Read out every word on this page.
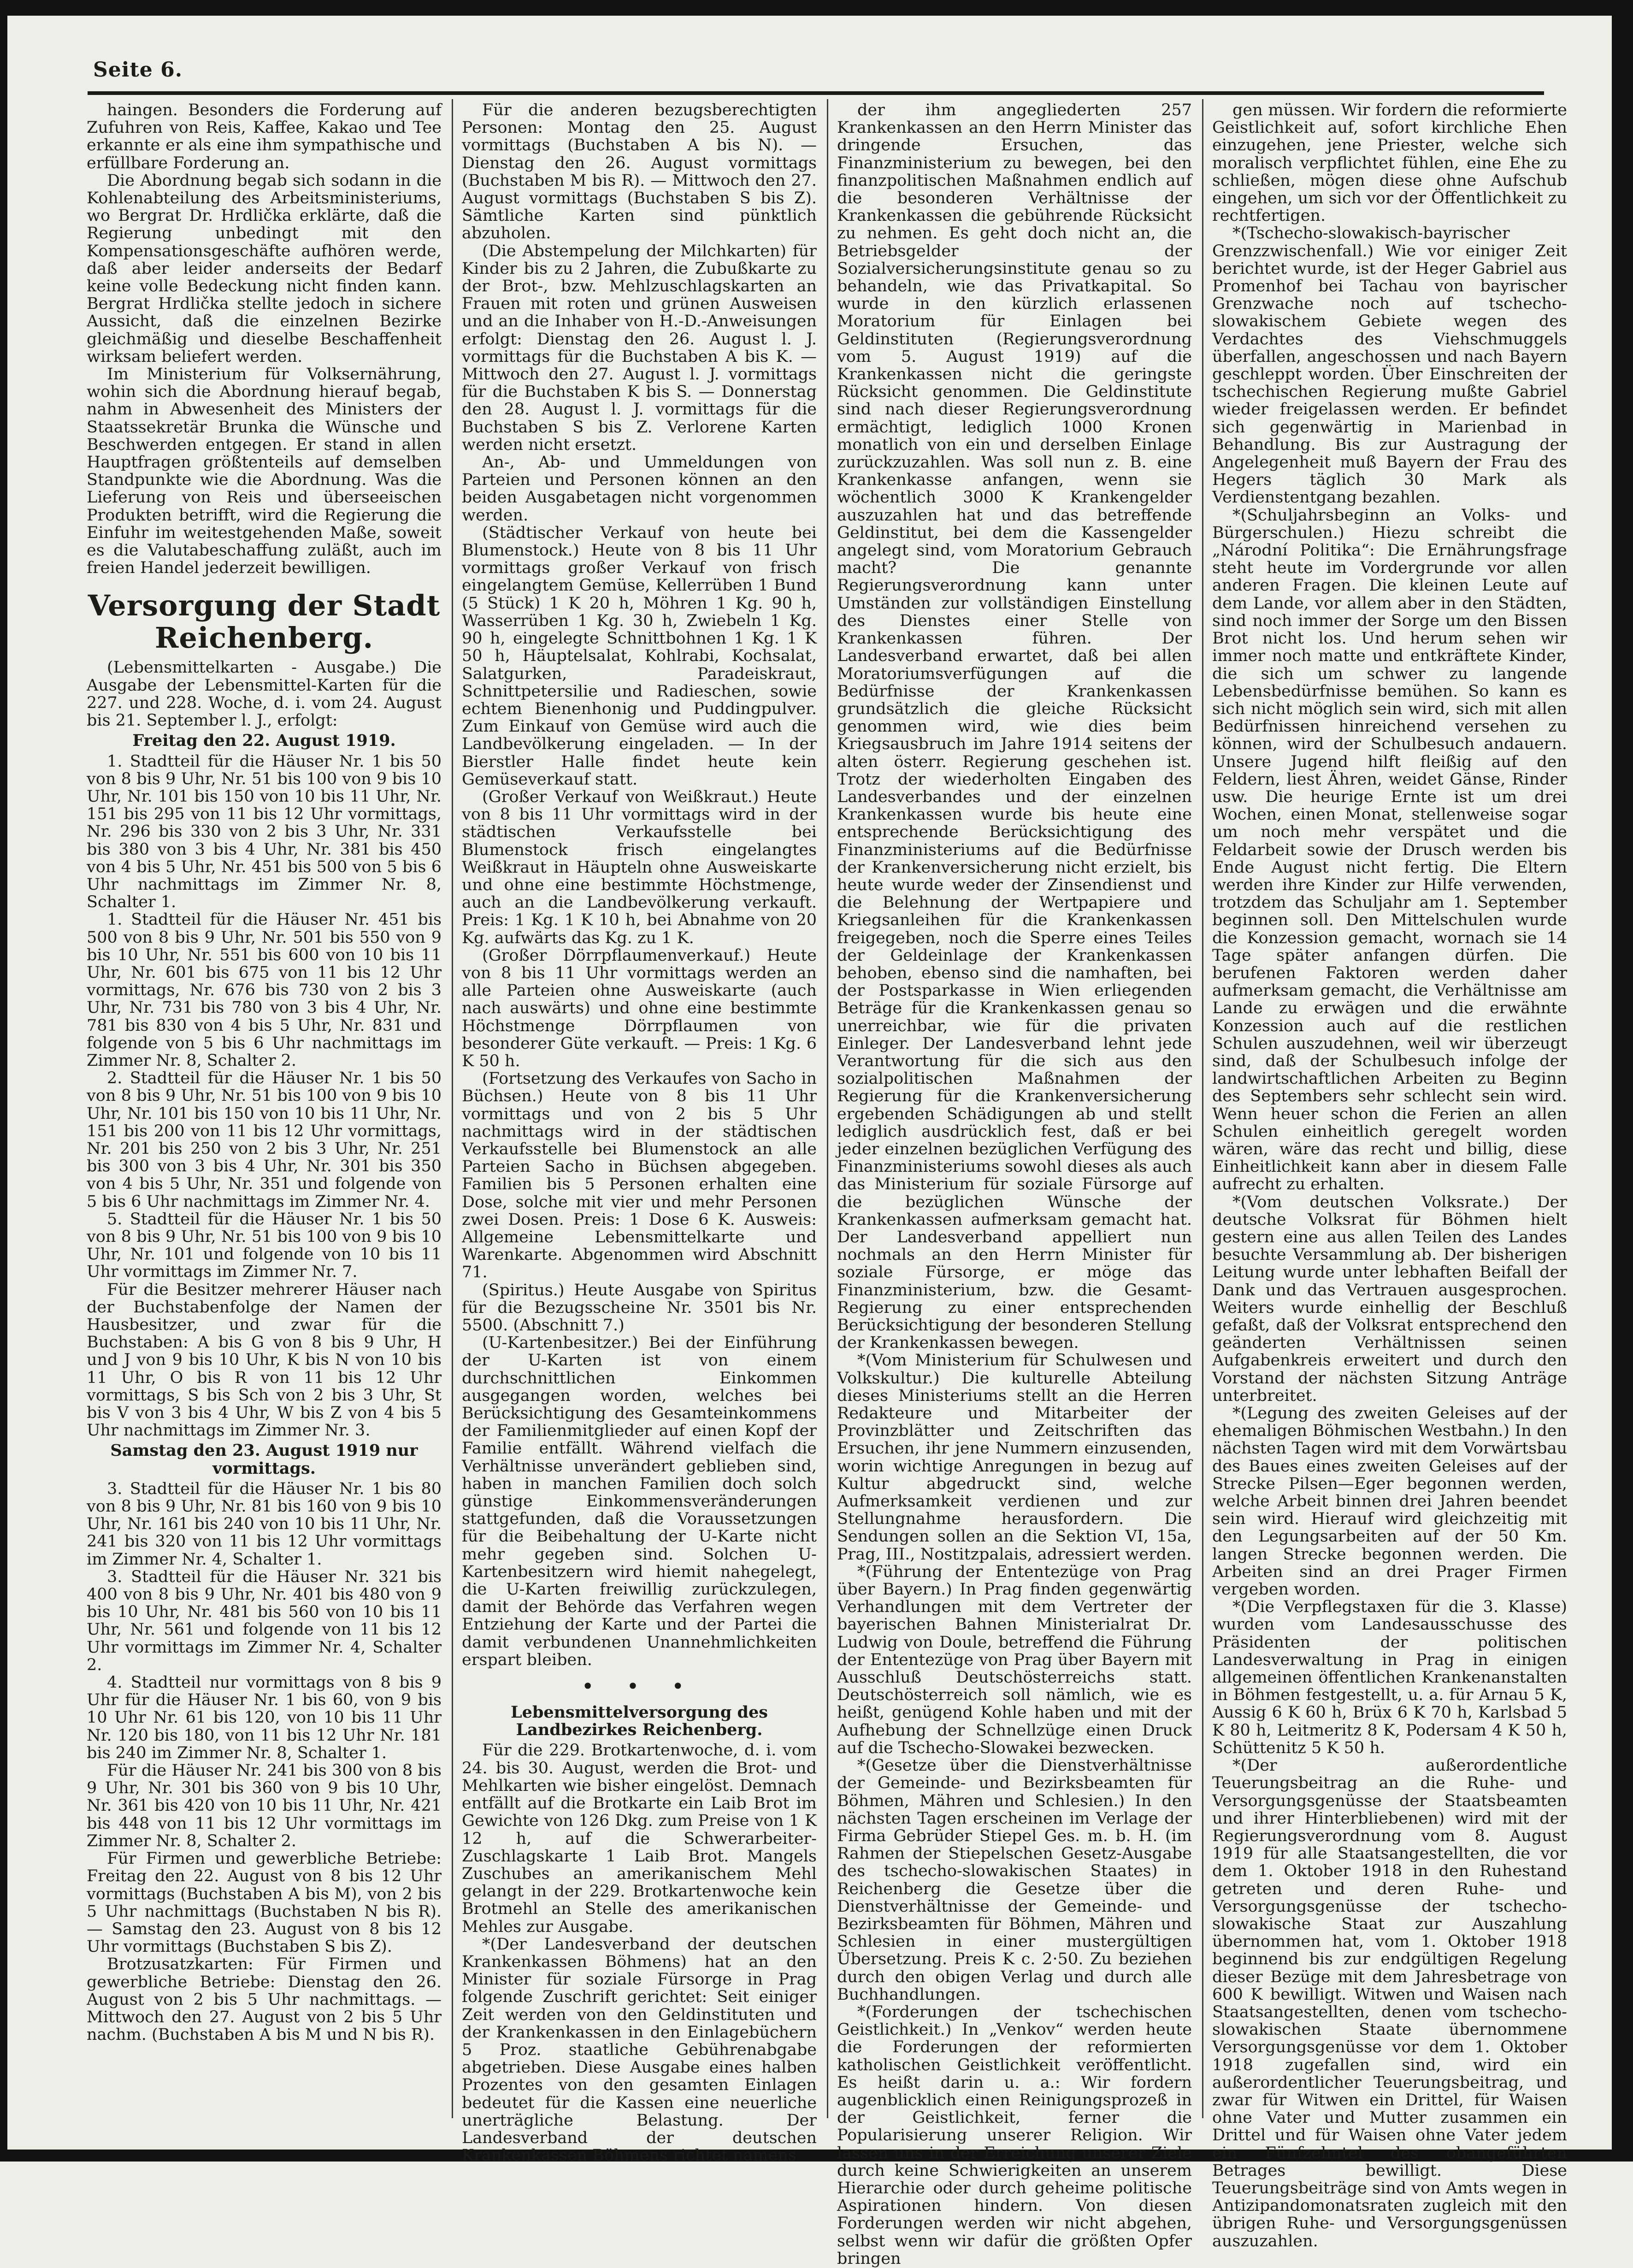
Seite 6.

haingen. Besonders die Forderung auf Zufuhren von Reis, Kaffee, Kakao und Tee erkannte er als eine ihm sympathische und erfüllbare Forderung an.

Die Abordnung begab sich sodann in die Kohlenabteilung des Arbeitsministeriums, wo Bergrat Dr. Hrdlička erklärte, daß die Regierung unbedingt mit den Kompensationsgeschäfte aufhören werde, daß aber leider anderseits der Bedarf keine volle Bedeckung nicht finden kann. Bergrat Hrdlička stellte jedoch in sichere Aussicht, daß die einzelnen Bezirke gleichmäßig und dieselbe Beschaffenheit wirksam beliefert werden.

Im Ministerium für Volksernährung, wohin sich die Abordnung hierauf begab, nahm in Abwesenheit des Ministers der Staatssekretär Brunka die Wünsche und Beschwerden entgegen. Er stand in allen Hauptfragen größtenteils auf demselben Standpunkte wie die Abordnung. Was die Lieferung von Reis und überseeischen Produkten betrifft, wird die Regierung die Einfuhr im weitestgehenden Maße, soweit es die Valutabeschaffung zuläßt, auch im freien Handel jederzeit bewilligen.

Versorgung der Stadt Reichenberg.

(Lebensmittelkarten - Ausgabe.) Die Ausgabe der Lebensmittel-Karten für die 227. und 228. Woche, d. i. vom 24. August bis 21. September l. J., erfolgt:

Freitag den 22. August 1919.

1. Stadtteil für die Häuser Nr. 1 bis 50 von 8 bis 9 Uhr, Nr. 51 bis 100 von 9 bis 10 Uhr, Nr. 101 bis 150 von 10 bis 11 Uhr, Nr. 151 bis 295 von 11 bis 12 Uhr vormittags, Nr. 296 bis 330 von 2 bis 3 Uhr, Nr. 331 bis 380 von 3 bis 4 Uhr, Nr. 381 bis 450 von 4 bis 5 Uhr, Nr. 451 bis 500 von 5 bis 6 Uhr nachmittags im Zimmer Nr. 8, Schalter 1.

1. Stadtteil für die Häuser Nr. 451 bis 500 von 8 bis 9 Uhr, Nr. 501 bis 550 von 9 bis 10 Uhr, Nr. 551 bis 600 von 10 bis 11 Uhr, Nr. 601 bis 675 von 11 bis 12 Uhr vormittags, Nr. 676 bis 730 von 2 bis 3 Uhr, Nr. 731 bis 780 von 3 bis 4 Uhr, Nr. 781 bis 830 von 4 bis 5 Uhr, Nr. 831 und folgende von 5 bis 6 Uhr nachmittags im Zimmer Nr. 8, Schalter 2.

2. Stadtteil für die Häuser Nr. 1 bis 50 von 8 bis 9 Uhr, Nr. 51 bis 100 von 9 bis 10 Uhr, Nr. 101 bis 150 von 10 bis 11 Uhr, Nr. 151 bis 200 von 11 bis 12 Uhr vormittags, Nr. 201 bis 250 von 2 bis 3 Uhr, Nr. 251 bis 300 von 3 bis 4 Uhr, Nr. 301 bis 350 von 4 bis 5 Uhr, Nr. 351 und folgende von 5 bis 6 Uhr nachmittags im Zimmer Nr. 4.

5. Stadtteil für die Häuser Nr. 1 bis 50 von 8 bis 9 Uhr, Nr. 51 bis 100 von 9 bis 10 Uhr, Nr. 101 und folgende von 10 bis 11 Uhr vormittags im Zimmer Nr. 7.

Für die Besitzer mehrerer Häuser nach der Buchstabenfolge der Namen der Hausbesitzer, und zwar für die Buchstaben: A bis G von 8 bis 9 Uhr, H und J von 9 bis 10 Uhr, K bis N von 10 bis 11 Uhr, O bis R von 11 bis 12 Uhr vormittags, S bis Sch von 2 bis 3 Uhr, St bis V von 3 bis 4 Uhr, W bis Z von 4 bis 5 Uhr nachmittags im Zimmer Nr. 3.

Samstag den 23. August 1919 nur vormittags.

3. Stadtteil für die Häuser Nr. 1 bis 80 von 8 bis 9 Uhr, Nr. 81 bis 160 von 9 bis 10 Uhr, Nr. 161 bis 240 von 10 bis 11 Uhr, Nr. 241 bis 320 von 11 bis 12 Uhr vormittags im Zimmer Nr. 4, Schalter 1.

3. Stadtteil für die Häuser Nr. 321 bis 400 von 8 bis 9 Uhr, Nr. 401 bis 480 von 9 bis 10 Uhr, Nr. 481 bis 560 von 10 bis 11 Uhr, Nr. 561 und folgende von 11 bis 12 Uhr vormittags im Zimmer Nr. 4, Schalter 2.

4. Stadtteil nur vormittags von 8 bis 9 Uhr für die Häuser Nr. 1 bis 60, von 9 bis 10 Uhr Nr. 61 bis 120, von 10 bis 11 Uhr Nr. 120 bis 180, von 11 bis 12 Uhr Nr. 181 bis 240 im Zimmer Nr. 8, Schalter 1.

Für die Häuser Nr. 241 bis 300 von 8 bis 9 Uhr, Nr. 301 bis 360 von 9 bis 10 Uhr, Nr. 361 bis 420 von 10 bis 11 Uhr, Nr. 421 bis 448 von 11 bis 12 Uhr vormittags im Zimmer Nr. 8, Schalter 2.

Für Firmen und gewerbliche Betriebe: Freitag den 22. August von 8 bis 12 Uhr vormittags (Buchstaben A bis M), von 2 bis 5 Uhr nachmittags (Buchstaben N bis R). — Samstag den 23. August von 8 bis 12 Uhr vormittags (Buchstaben S bis Z).

Brotzusatzkarten: Für Firmen und gewerbliche Betriebe: Dienstag den 26. August von 2 bis 5 Uhr nachmittags. — Mittwoch den 27. August von 2 bis 5 Uhr nachm. (Buchstaben A bis M und N bis R).

Für die anderen bezugsberechtigten Personen: Montag den 25. August vormittags (Buchstaben A bis N). — Dienstag den 26. August vormittags (Buchstaben M bis R). — Mittwoch den 27. August vormittags (Buchstaben S bis Z). Sämtliche Karten sind pünktlich abzuholen.

(Die Abstempelung der Milchkarten) für Kinder bis zu 2 Jahren, die Zubußkarte zu der Brot-, bzw. Mehlzuschlagskarten an Frauen mit roten und grünen Ausweisen und an die Inhaber von H.-D.-Anweisungen erfolgt: Dienstag den 26. August l. J. vormittags für die Buchstaben A bis K. — Mittwoch den 27. August l. J. vormittags für die Buchstaben K bis S. — Donnerstag den 28. August l. J. vormittags für die Buchstaben S bis Z. Verlorene Karten werden nicht ersetzt.

An-, Ab- und Ummeldungen von Parteien und Personen können an den beiden Ausgabetagen nicht vorgenommen werden.

(Städtischer Verkauf von heute bei Blumenstock.) Heute von 8 bis 11 Uhr vormittags großer Verkauf von frisch eingelangtem Gemüse, Kellerrüben 1 Bund (5 Stück) 1 K 20 h, Möhren 1 Kg. 90 h, Wasserrüben 1 Kg. 30 h, Zwiebeln 1 Kg. 90 h, eingelegte Schnittbohnen 1 Kg. 1 K 50 h, Häuptelsalat, Kohlrabi, Kochsalat, Salatgurken, Paradeiskraut, Schnittpetersilie und Radieschen, sowie echtem Bienenhonig und Puddingpulver. Zum Einkauf von Gemüse wird auch die Landbevölkerung eingeladen. — In der Bierstler Halle findet heute kein Gemüseverkauf statt.

(Großer Verkauf von Weißkraut.) Heute von 8 bis 11 Uhr vormittags wird in der städtischen Verkaufsstelle bei Blumenstock frisch eingelangtes Weißkraut in Häupteln ohne Ausweiskarte und ohne eine bestimmte Höchstmenge, auch an die Landbevölkerung verkauft. Preis: 1 Kg. 1 K 10 h, bei Abnahme von 20 Kg. aufwärts das Kg. zu 1 K.

(Großer Dörrpflaumenverkauf.) Heute von 8 bis 11 Uhr vormittags werden an alle Parteien ohne Ausweiskarte (auch nach auswärts) und ohne eine bestimmte Höchstmenge Dörrpflaumen von besonderer Güte verkauft. — Preis: 1 Kg. 6 K 50 h.

(Fortsetzung des Verkaufes von Sacho in Büchsen.) Heute von 8 bis 11 Uhr vormittags und von 2 bis 5 Uhr nachmittags wird in der städtischen Verkaufsstelle bei Blumenstock an alle Parteien Sacho in Büchsen abgegeben. Familien bis 5 Personen erhalten eine Dose, solche mit vier und mehr Personen zwei Dosen. Preis: 1 Dose 6 K. Ausweis: Allgemeine Lebensmittelkarte und Warenkarte. Abgenommen wird Abschnitt 71.

(Spiritus.) Heute Ausgabe von Spiritus für die Bezugsscheine Nr. 3501 bis Nr. 5500. (Abschnitt 7.)

(U-Kartenbesitzer.) Bei der Einführung der U-Karten ist von einem durchschnittlichen Einkommen ausgegangen worden, welches bei Berücksichtigung des Gesamteinkommens der Familienmitglieder auf einen Kopf der Familie entfällt. Während vielfach die Verhältnisse unverändert geblieben sind, haben in manchen Familien doch solch günstige Einkommensveränderungen stattgefunden, daß die Voraussetzungen für die Beibehaltung der U-Karte nicht mehr gegeben sind. Solchen U-Kartenbesitzern wird hiemit nahegelegt, die U-Karten freiwillig zurückzulegen, damit der Behörde das Verfahren wegen Entziehung der Karte und der Partei die damit verbundenen Unannehmlichkeiten erspart bleiben.

• • •
Lebensmittelversorgung des Landbezirkes Reichenberg.

Für die 229. Brotkartenwoche, d. i. vom 24. bis 30. August, werden die Brot- und Mehlkarten wie bisher eingelöst. Demnach entfällt auf die Brotkarte ein Laib Brot im Gewichte von 126 Dkg. zum Preise von 1 K 12 h, auf die Schwerarbeiter-Zuschlagskarte 1 Laib Brot. Mangels Zuschubes an amerikanischem Mehl gelangt in der 229. Brotkartenwoche kein Brotmehl an Stelle des amerikanischen Mehles zur Ausgabe.

*(Der Landesverband der deutschen Krankenkassen Böhmens) hat an den Minister für soziale Fürsorge in Prag folgende Zuschrift gerichtet: Seit einiger Zeit werden von den Geldinstituten und der Krankenkassen in den Einlagebüchern 5 Proz. staatliche Gebührenabgabe abgetrieben. Diese Ausgabe eines halben Prozentes von den gesamten Einlagen bedeutet für die Kassen eine neuerliche unerträgliche Belastung. Der Landesverband der deutschen Krankenkassen Böhmens richtet namens

der ihm angegliederten 257 Krankenkassen an den Herrn Minister das dringende Ersuchen, das Finanzministerium zu bewegen, bei den finanzpolitischen Maßnahmen endlich auf die besonderen Verhältnisse der Krankenkassen die gebührende Rücksicht zu nehmen. Es geht doch nicht an, die Betriebsgelder der Sozialversicherungsinstitute genau so zu behandeln, wie das Privatkapital. So wurde in den kürzlich erlassenen Moratorium für Einlagen bei Geldinstituten (Regierungsverordnung vom 5. August 1919) auf die Krankenkassen nicht die geringste Rücksicht genommen. Die Geldinstitute sind nach dieser Regierungsverordnung ermächtigt, lediglich 1000 Kronen monatlich von ein und derselben Einlage zurückzuzahlen. Was soll nun z. B. eine Krankenkasse anfangen, wenn sie wöchentlich 3000 K Krankengelder auszuzahlen hat und das betreffende Geldinstitut, bei dem die Kassengelder angelegt sind, vom Moratorium Gebrauch macht? Die genannte Regierungsverordnung kann unter Umständen zur vollständigen Einstellung des Dienstes einer Stelle von Krankenkassen führen. Der Landesverband erwartet, daß bei allen Moratoriumsverfügungen auf die Bedürfnisse der Krankenkassen grundsätzlich die gleiche Rücksicht genommen wird, wie dies beim Kriegsausbruch im Jahre 1914 seitens der alten österr. Regierung geschehen ist. Trotz der wiederholten Eingaben des Landesverbandes und der einzelnen Krankenkassen wurde bis heute eine entsprechende Berücksichtigung des Finanzministeriums auf die Bedürfnisse der Krankenversicherung nicht erzielt, bis heute wurde weder der Zinsendienst und die Belehnung der Wertpapiere und Kriegsanleihen für die Krankenkassen freigegeben, noch die Sperre eines Teiles der Geldeinlage der Krankenkassen behoben, ebenso sind die namhaften, bei der Postsparkasse in Wien erliegenden Beträge für die Krankenkassen genau so unerreichbar, wie für die privaten Einleger. Der Landesverband lehnt jede Verantwortung für die sich aus den sozialpolitischen Maßnahmen der Regierung für die Krankenversicherung ergebenden Schädigungen ab und stellt lediglich ausdrücklich fest, daß er bei jeder einzelnen bezüglichen Verfügung des Finanzministeriums sowohl dieses als auch das Ministerium für soziale Fürsorge auf die bezüglichen Wünsche der Krankenkassen aufmerksam gemacht hat. Der Landesverband appelliert nun nochmals an den Herrn Minister für soziale Fürsorge, er möge das Finanzministerium, bzw. die Gesamt-Regierung zu einer entsprechenden Berücksichtigung der besonderen Stellung der Krankenkassen bewegen.

*(Vom Ministerium für Schulwesen und Volkskultur.) Die kulturelle Abteilung dieses Ministeriums stellt an die Herren Redakteure und Mitarbeiter der Provinzblätter und Zeitschriften das Ersuchen, ihr jene Nummern einzusenden, worin wichtige Anregungen in bezug auf Kultur abgedruckt sind, welche Aufmerksamkeit verdienen und zur Stellungnahme herausfordern. Die Sendungen sollen an die Sektion VI, 15a, Prag, III., Nostitzpalais, adressiert werden.

*(Führung der Ententezüge von Prag über Bayern.) In Prag finden gegenwärtig Verhandlungen mit dem Vertreter der bayerischen Bahnen Ministerialrat Dr. Ludwig von Doule, betreffend die Führung der Ententezüge von Prag über Bayern mit Ausschluß Deutschösterreichs statt. Deutschösterreich soll nämlich, wie es heißt, genügend Kohle haben und mit der Aufhebung der Schnellzüge einen Druck auf die Tschecho-Slowakei bezwecken.

*(Gesetze über die Dienstverhältnisse der Gemeinde- und Bezirksbeamten für Böhmen, Mähren und Schlesien.) In den nächsten Tagen erscheinen im Verlage der Firma Gebrüder Stiepel Ges. m. b. H. (im Rahmen der Stiepelschen Gesetz-Ausgabe des tschecho-slowakischen Staates) in Reichenberg die Gesetze über die Dienstverhältnisse der Gemeinde- und Bezirksbeamten für Böhmen, Mähren und Schlesien in einer mustergültigen Übersetzung. Preis K c. 2·50. Zu beziehen durch den obigen Verlag und durch alle Buchhandlungen.

*(Forderungen der tschechischen Geistlichkeit.) In „Venkov“ werden heute die Forderungen der reformierten katholischen Geistlichkeit veröffentlicht. Es heißt darin u. a.: Wir fordern augenblicklich einen Reinigungsprozeß in der Geistlichkeit, ferner die Popularisierung unserer Religion. Wir lassen uns in der Erreichung unserer Ziele durch keine Schwierigkeiten an unserem Hierarchie oder durch geheime politische Aspirationen hindern. Von diesen Forderungen werden wir nicht abgehen, selbst wenn wir dafür die größten Opfer bringen

gen müssen. Wir fordern die reformierte Geistlichkeit auf, sofort kirchliche Ehen einzugehen, jene Priester, welche sich moralisch verpflichtet fühlen, eine Ehe zu schließen, mögen diese ohne Aufschub eingehen, um sich vor der Öffentlichkeit zu rechtfertigen.

*(Tschecho-slowakisch-bayrischer Grenzzwischenfall.) Wie vor einiger Zeit berichtet wurde, ist der Heger Gabriel aus Promenhof bei Tachau von bayrischer Grenzwache noch auf tschecho-slowakischem Gebiete wegen des Verdachtes des Viehschmuggels überfallen, angeschossen und nach Bayern geschleppt worden. Über Einschreiten der tschechischen Regierung mußte Gabriel wieder freigelassen werden. Er befindet sich gegenwärtig in Marienbad in Behandlung. Bis zur Austragung der Angelegenheit muß Bayern der Frau des Hegers täglich 30 Mark als Verdienstentgang bezahlen.

*(Schuljahrsbeginn an Volks- und Bürgerschulen.) Hiezu schreibt die „Národní Politika“: Die Ernährungsfrage steht heute im Vordergrunde vor allen anderen Fragen. Die kleinen Leute auf dem Lande, vor allem aber in den Städten, sind noch immer der Sorge um den Bissen Brot nicht los. Und herum sehen wir immer noch matte und entkräftete Kinder, die sich um schwer zu langende Lebensbedürfnisse bemühen. So kann es sich nicht möglich sein wird, sich mit allen Bedürfnissen hinreichend versehen zu können, wird der Schulbesuch andauern. Unsere Jugend hilft fleißig auf den Feldern, liest Ähren, weidet Gänse, Rinder usw. Die heurige Ernte ist um drei Wochen, einen Monat, stellenweise sogar um noch mehr verspätet und die Feldarbeit sowie der Drusch werden bis Ende August nicht fertig. Die Eltern werden ihre Kinder zur Hilfe verwenden, trotzdem das Schuljahr am 1. September beginnen soll. Den Mittelschulen wurde die Konzession gemacht, wornach sie 14 Tage später anfangen dürfen. Die berufenen Faktoren werden daher aufmerksam gemacht, die Verhältnisse am Lande zu erwägen und die erwähnte Konzession auch auf die restlichen Schulen auszudehnen, weil wir überzeugt sind, daß der Schulbesuch infolge der landwirtschaftlichen Arbeiten zu Beginn des Septembers sehr schlecht sein wird. Wenn heuer schon die Ferien an allen Schulen einheitlich geregelt worden wären, wäre das recht und billig, diese Einheitlichkeit kann aber in diesem Falle aufrecht zu erhalten.

*(Vom deutschen Volksrate.) Der deutsche Volksrat für Böhmen hielt gestern eine aus allen Teilen des Landes besuchte Versammlung ab. Der bisherigen Leitung wurde unter lebhaften Beifall der Dank und das Vertrauen ausgesprochen. Weiters wurde einhellig der Beschluß gefaßt, daß der Volksrat entsprechend den geänderten Verhältnissen seinen Aufgabenkreis erweitert und durch den Vorstand der nächsten Sitzung Anträge unterbreitet.

*(Legung des zweiten Geleises auf der ehemaligen Böhmischen Westbahn.) In den nächsten Tagen wird mit dem Vorwärtsbau des Baues eines zweiten Geleises auf der Strecke Pilsen—Eger begonnen werden, welche Arbeit binnen drei Jahren beendet sein wird. Hierauf wird gleichzeitig mit den Legungsarbeiten auf der 50 Km. langen Strecke begonnen werden. Die Arbeiten sind an drei Prager Firmen vergeben worden.

*(Die Verpflegstaxen für die 3. Klasse) wurden vom Landesausschusse des Präsidenten der politischen Landesverwaltung in Prag in einigen allgemeinen öffentlichen Krankenanstalten in Böhmen festgestellt, u. a. für Arnau 5 K, Aussig 6 K 60 h, Brüx 6 K 70 h, Karlsbad 5 K 80 h, Leitmeritz 8 K, Podersam 4 K 50 h, Schüttenitz 5 K 50 h.

*(Der außerordentliche Teuerungsbeitrag an die Ruhe- und Versorgungsgenüsse der Staatsbeamten und ihrer Hinterbliebenen) wird mit der Regierungsverordnung vom 8. August 1919 für alle Staatsangestellten, die vor dem 1. Oktober 1918 in den Ruhestand getreten und deren Ruhe- und Versorgungsgenüsse der tschecho-slowakische Staat zur Auszahlung übernommen hat, vom 1. Oktober 1918 beginnend bis zur endgültigen Regelung dieser Bezüge mit dem Jahresbetrage von 600 K bewilligt. Witwen und Waisen nach Staatsangestellten, denen vom tschecho-slowakischen Staate übernommene Versorgungsgenüsse vor dem 1. Oktober 1918 zugefallen sind, wird ein außerordentlicher Teuerungsbeitrag, und zwar für Witwen ein Drittel, für Waisen ohne Vater und Mutter zusammen ein Drittel und für Waisen ohne Vater jedem ein Fünfzehntel des obangeführten Betrages bewilligt. Diese Teuerungsbeiträge sind von Amts wegen in Antizipandomonatsraten zugleich mit den übrigen Ruhe- und Versorgungsgenüssen auszuzahlen.
